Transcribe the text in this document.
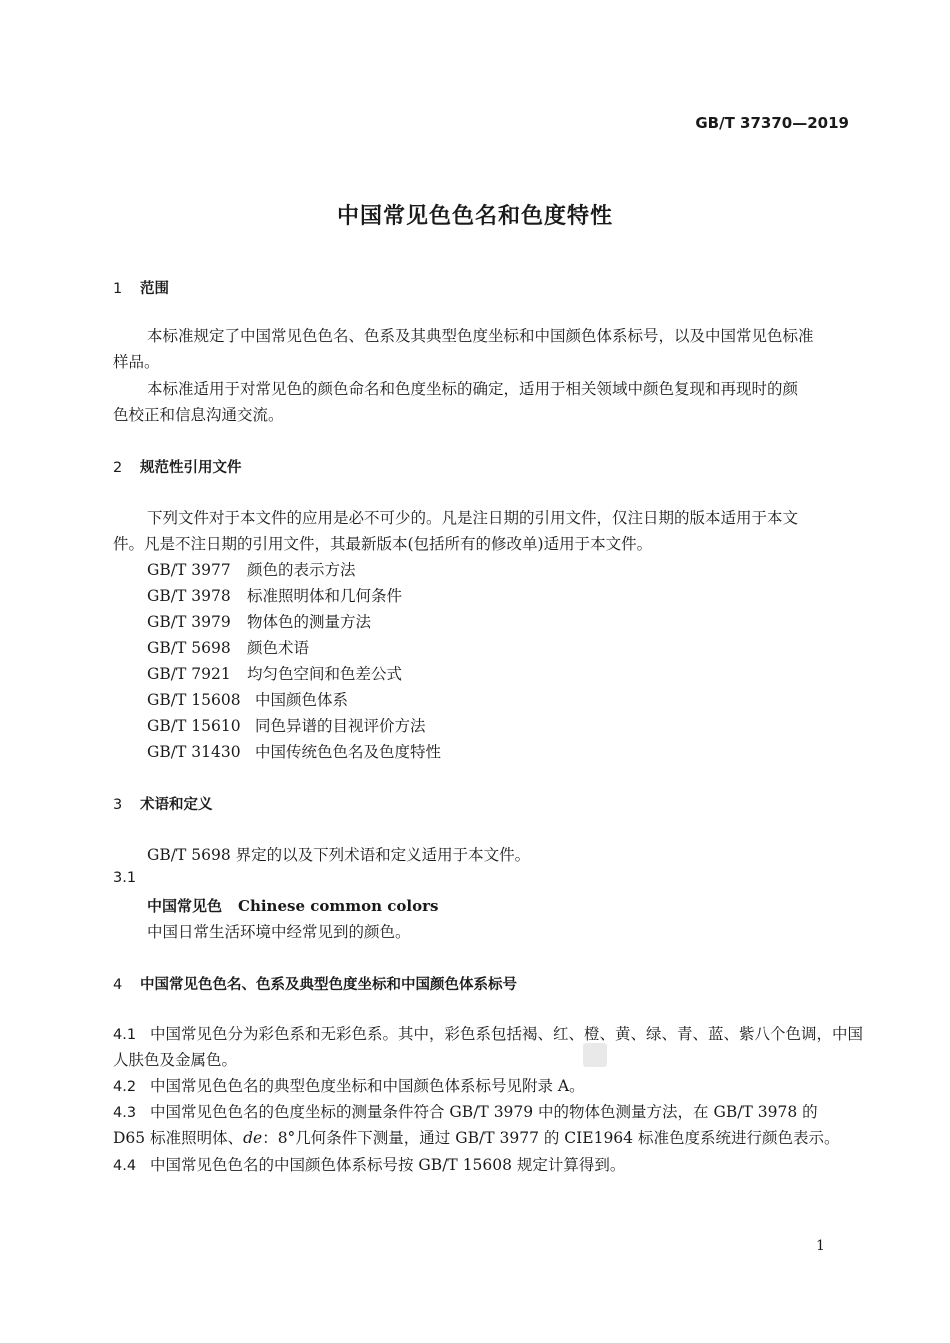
GB/T 37370—2019
中国常见色色名和色度特性
1 范围
本标准规定了中国常见色色名、色系及其典型色度坐标和中国颜色体系标号，以及中国常见色标准
样品。
本标准适用于对常见色的颜色命名和色度坐标的确定，适用于相关领域中颜色复现和再现时的颜
色校正和信息沟通交流。
2 规范性引用文件
下列文件对于本文件的应用是必不可少的。凡是注日期的引用文件，仅注日期的版本适用于本文
件。凡是不注日期的引用文件，其最新版本(包括所有的修改单)适用于本文件。
GB/T 3977 颜色的表示方法
GB/T 3978 标准照明体和几何条件
GB/T 3979 物体色的测量方法
GB/T 5698 颜色术语
GB/T 7921 均匀色空间和色差公式
GB/T 15608 中国颜色体系
GB/T 15610 同色异谱的目视评价方法
GB/T 31430 中国传统色色名及色度特性
3 术语和定义
GB/T 5698 界定的以及下列术语和定义适用于本文件。
3.1
中国常见色 Chinese common colors
中国日常生活环境中经常见到的颜色。
4 中国常见色色名、色系及典型色度坐标和中国颜色体系标号
4.1 中国常见色分为彩色系和无彩色系。其中，彩色系包括褐、红、橙、黄、绿、青、蓝、紫八个色调，中国
人肤色及金属色。
4.2 中国常见色色名的典型色度坐标和中国颜色体系标号见附录 A。
4.3 中国常见色色名的色度坐标的测量条件符合 GB/T 3979 中的物体色测量方法，在 GB/T 3978 的
D65 标准照明体、de：8°几何条件下测量，通过 GB/T 3977 的 CIE1964 标准色度系统进行颜色表示。
4.4 中国常见色色名的中国颜色体系标号按 GB/T 15608 规定计算得到。
1
